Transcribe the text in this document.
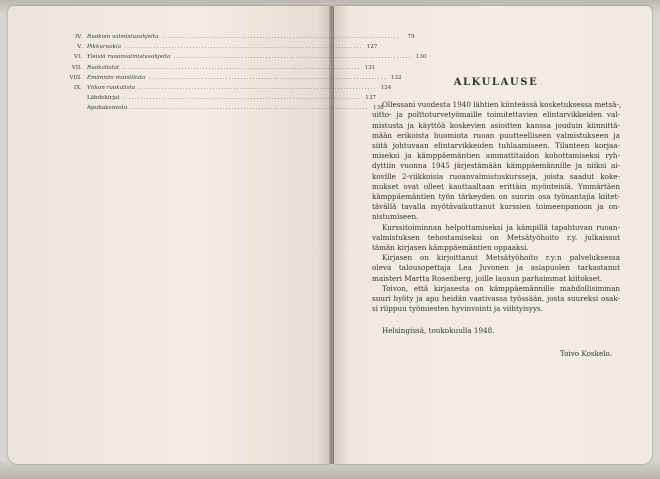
IV. Ruokien valmistusohjeita ................................................................................	79
V. Pikkuruokia ................................................................................ 127
VI. Yleisiä ruoanvalmistusohjeita ................................................................................ 130
VII. Ruokalistat ................................................................................ 131
VIII. Emännän muistilista ................................................................................ 132
IX. Viikon ruokalista ................................................................................ 134
Lähdekirjat ................................................................................ 137
Apuhakemisto ................................................................................ 138
ALKULAUSE
Ollessani vuodesta 1940 lähtien kiinteässä kosketuksessa metsä-,
uitto- ja polttoturvetyömaille toimitettavien elintarvikkeiden val-
mistusta ja käyttöä koskevien asioitten kanssa jouduin kiinnittä-
mään erikoista huomiota ruoan puutteelliseen valmistukseen ja
siitä johtuvaan elintarvikkeiden tuhlaamiseen. Tilanteen korjaa-
miseksi ja kämppäemäntien ammattitaidon kohottamiseksi ryh-
dyttiin vuonna 1945 järjestämään kämppäemännille ja niiksi ai-
koville 2-viikkoisia ruoanvalmistuskursseja, joista saadut koke-
mukset ovat olleet kauttaaltaan erittäin myönteisiä. Ymmärtäen
kämppäemäntien työn tärkeyden on suurin osa työnantajia kiitet-
tävällä tavalla myötävaikuttanut kurssien toimeenpanoon ja on-
nistumiseen.
Kurssitoiminnan helpottamiseksi ja kämpillä tapahtuvan ruoan-
valmistuksen tehostamiseksi on Metsätyöhoito r.y. julkaissut
tämän kirjasen kämppäemäntien oppaaksi.
Kirjasen on kirjoittanut Metsätyöhoito r.y:n palveluksessa
oleva talousopettaja Lea Juvonen ja asiapuolen tarkastanut
maisteri Martta Rosenberg, joille lausun parhaimmat kiitokset.
Toivon, että kirjasesta on kämppäemännille mahdollisimman
suuri hyöty ja apu heidän vaativassa työssään, josta suureksi osak-
si riippuu työmiesten hyvinvointi ja viihtyisyys.
Helsingissä, toukokuulla 1948.
Toivo Koskelo.
